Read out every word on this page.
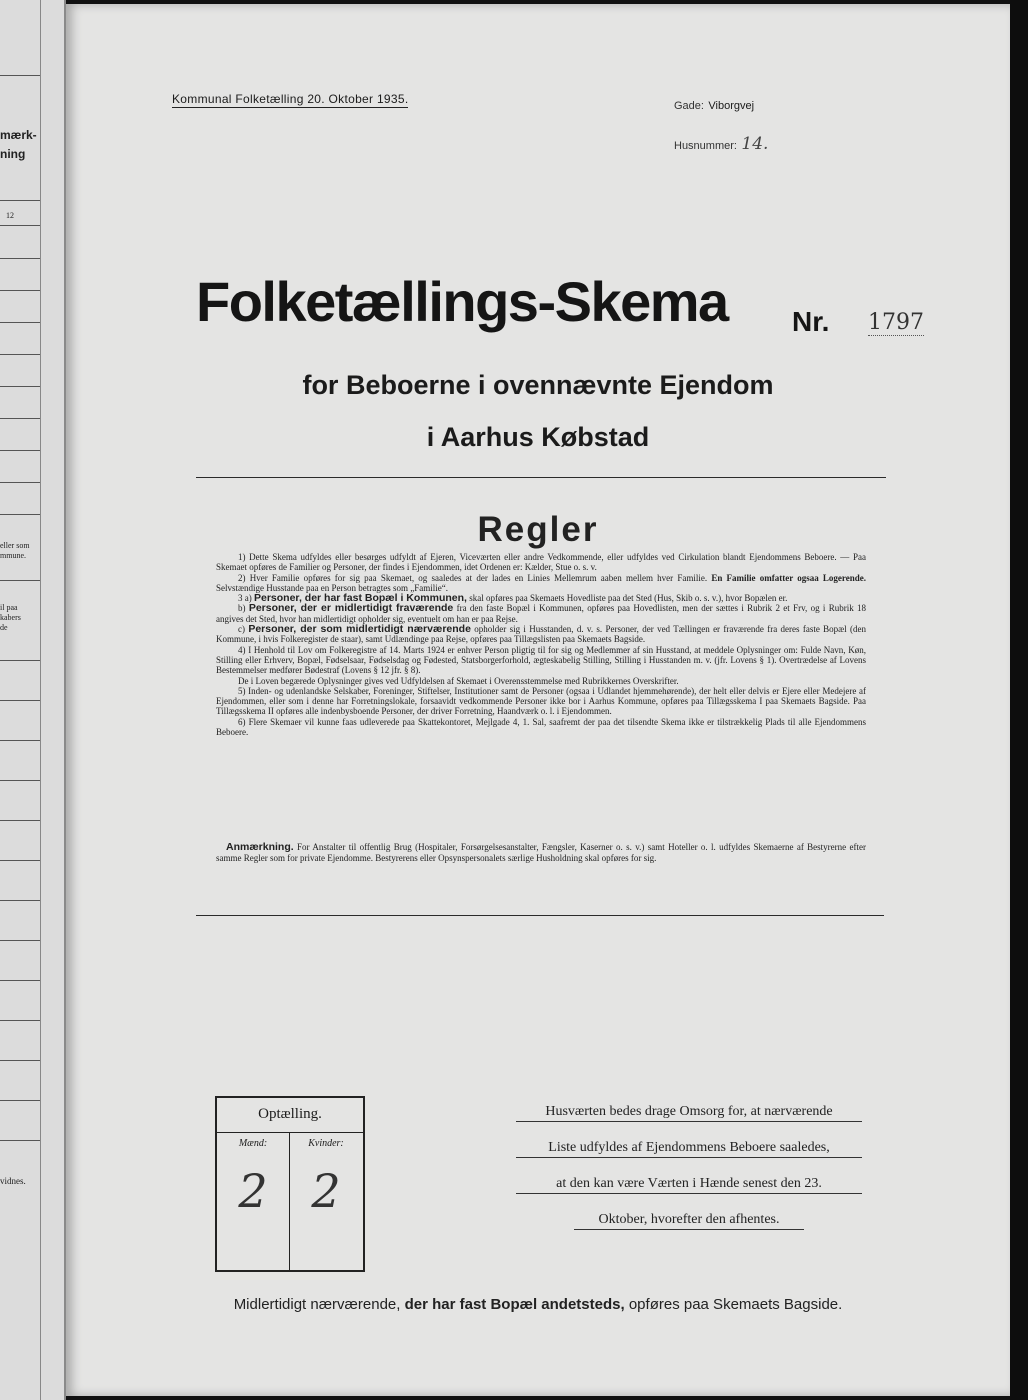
mærk-
ning
12
eller som
mmune.
il paa
kabers
de
vidnes.
Kommunal Folketælling 20. Oktober 1935.	Gade: Viborgvej
Husnummer: 14.
Folketællings-Skema Nr. 1797
for Beboerne i ovennævnte Ejendom
i Aarhus Købstad
Regler

1) Dette Skema udfyldes eller besørges udfyldt af Ejeren, Viceværten eller andre Vedkommende, eller udfyldes ved Cirkulation blandt Ejendommens Beboere. — Paa Skemaet opføres de Familier og Personer, der findes i Ejendommen, idet Ordenen er: Kælder, Stue o. s. v.

2) Hver Familie opføres for sig paa Skemaet, og saaledes at der lades en Linies Mellemrum aaben mellem hver Familie. En Familie omfatter ogsaa Logerende. Selvstændige Husstande paa en Person betragtes som „Familie“.

3 a) Personer, der har fast Bopæl i Kommunen, skal opføres paa Skemaets Hovedliste paa det Sted (Hus, Skib o. s. v.), hvor Bopælen er.

b) Personer, der er midlertidigt fraværende fra den faste Bopæl i Kommunen, opføres paa Hovedlisten, men der sættes i Rubrik 2 et Frv, og i Rubrik 18 angives det Sted, hvor han midlertidigt opholder sig, eventuelt om han er paa Rejse.

c) Personer, der som midlertidigt nærværende opholder sig i Husstanden, d. v. s. Personer, der ved Tællingen er fraværende fra deres faste Bopæl (den Kommune, i hvis Folkeregister de staar), samt Udlændinge paa Rejse, opføres paa Tillægslisten paa Skemaets Bagside.

4) I Henhold til Lov om Folkeregistre af 14. Marts 1924 er enhver Person pligtig til for sig og Medlemmer af sin Husstand, at meddele Oplysninger om: Fulde Navn, Køn, Stilling eller Erhverv, Bopæl, Fødselsaar, Fødselsdag og Fødested, Statsborgerforhold, ægteskabelig Stilling, Stilling i Husstanden m. v. (jfr. Lovens § 1). Overtrædelse af Lovens Bestemmelser medfører Bødestraf (Lovens § 12 jfr. § 8).

De i Loven begærede Oplysninger gives ved Udfyldelsen af Skemaet i Overensstemmelse med Rubrikkernes Overskrifter.

5) Inden- og udenlandske Selskaber, Foreninger, Stiftelser, Institutioner samt de Personer (ogsaa i Udlandet hjemmehørende), der helt eller delvis er Ejere eller Medejere af Ejendommen, eller som i denne har Forretningslokale, forsaavidt vedkommende Personer ikke bor i Aarhus Kommune, opføres paa Tillægsskema I paa Skemaets Bagside. Paa Tillægsskema II opføres alle indenbysboende Personer, der driver Forretning, Haandværk o. l. i Ejendommen.

6) Flere Skemaer vil kunne faas udleverede paa Skattekontoret, Mejlgade 4, 1. Sal, saafremt der paa det tilsendte Skema ikke er tilstrækkelig Plads til alle Ejendommens Beboere.

Anmærkning. For Anstalter til offentlig Brug (Hospitaler, Forsørgelsesanstalter, Fængsler, Kaserner o. s. v.) samt Hoteller o. l. udfyldes Skemaerne af Bestyrerne efter samme Regler som for private Ejendomme. Bestyrerens eller Opsynspersonalets særlige Husholdning skal opføres for sig.
Optælling.
Mænd:	Kvinder:
2 2
Husværten bedes drage Omsorg for, at nærværende
Liste udfyldes af Ejendommens Beboere saaledes,
at den kan være Værten i Hænde senest den 23.
Oktober, hvorefter den afhentes.
Midlertidigt nærværende, der har fast Bopæl andetsteds, opføres paa Skemaets Bagside.
